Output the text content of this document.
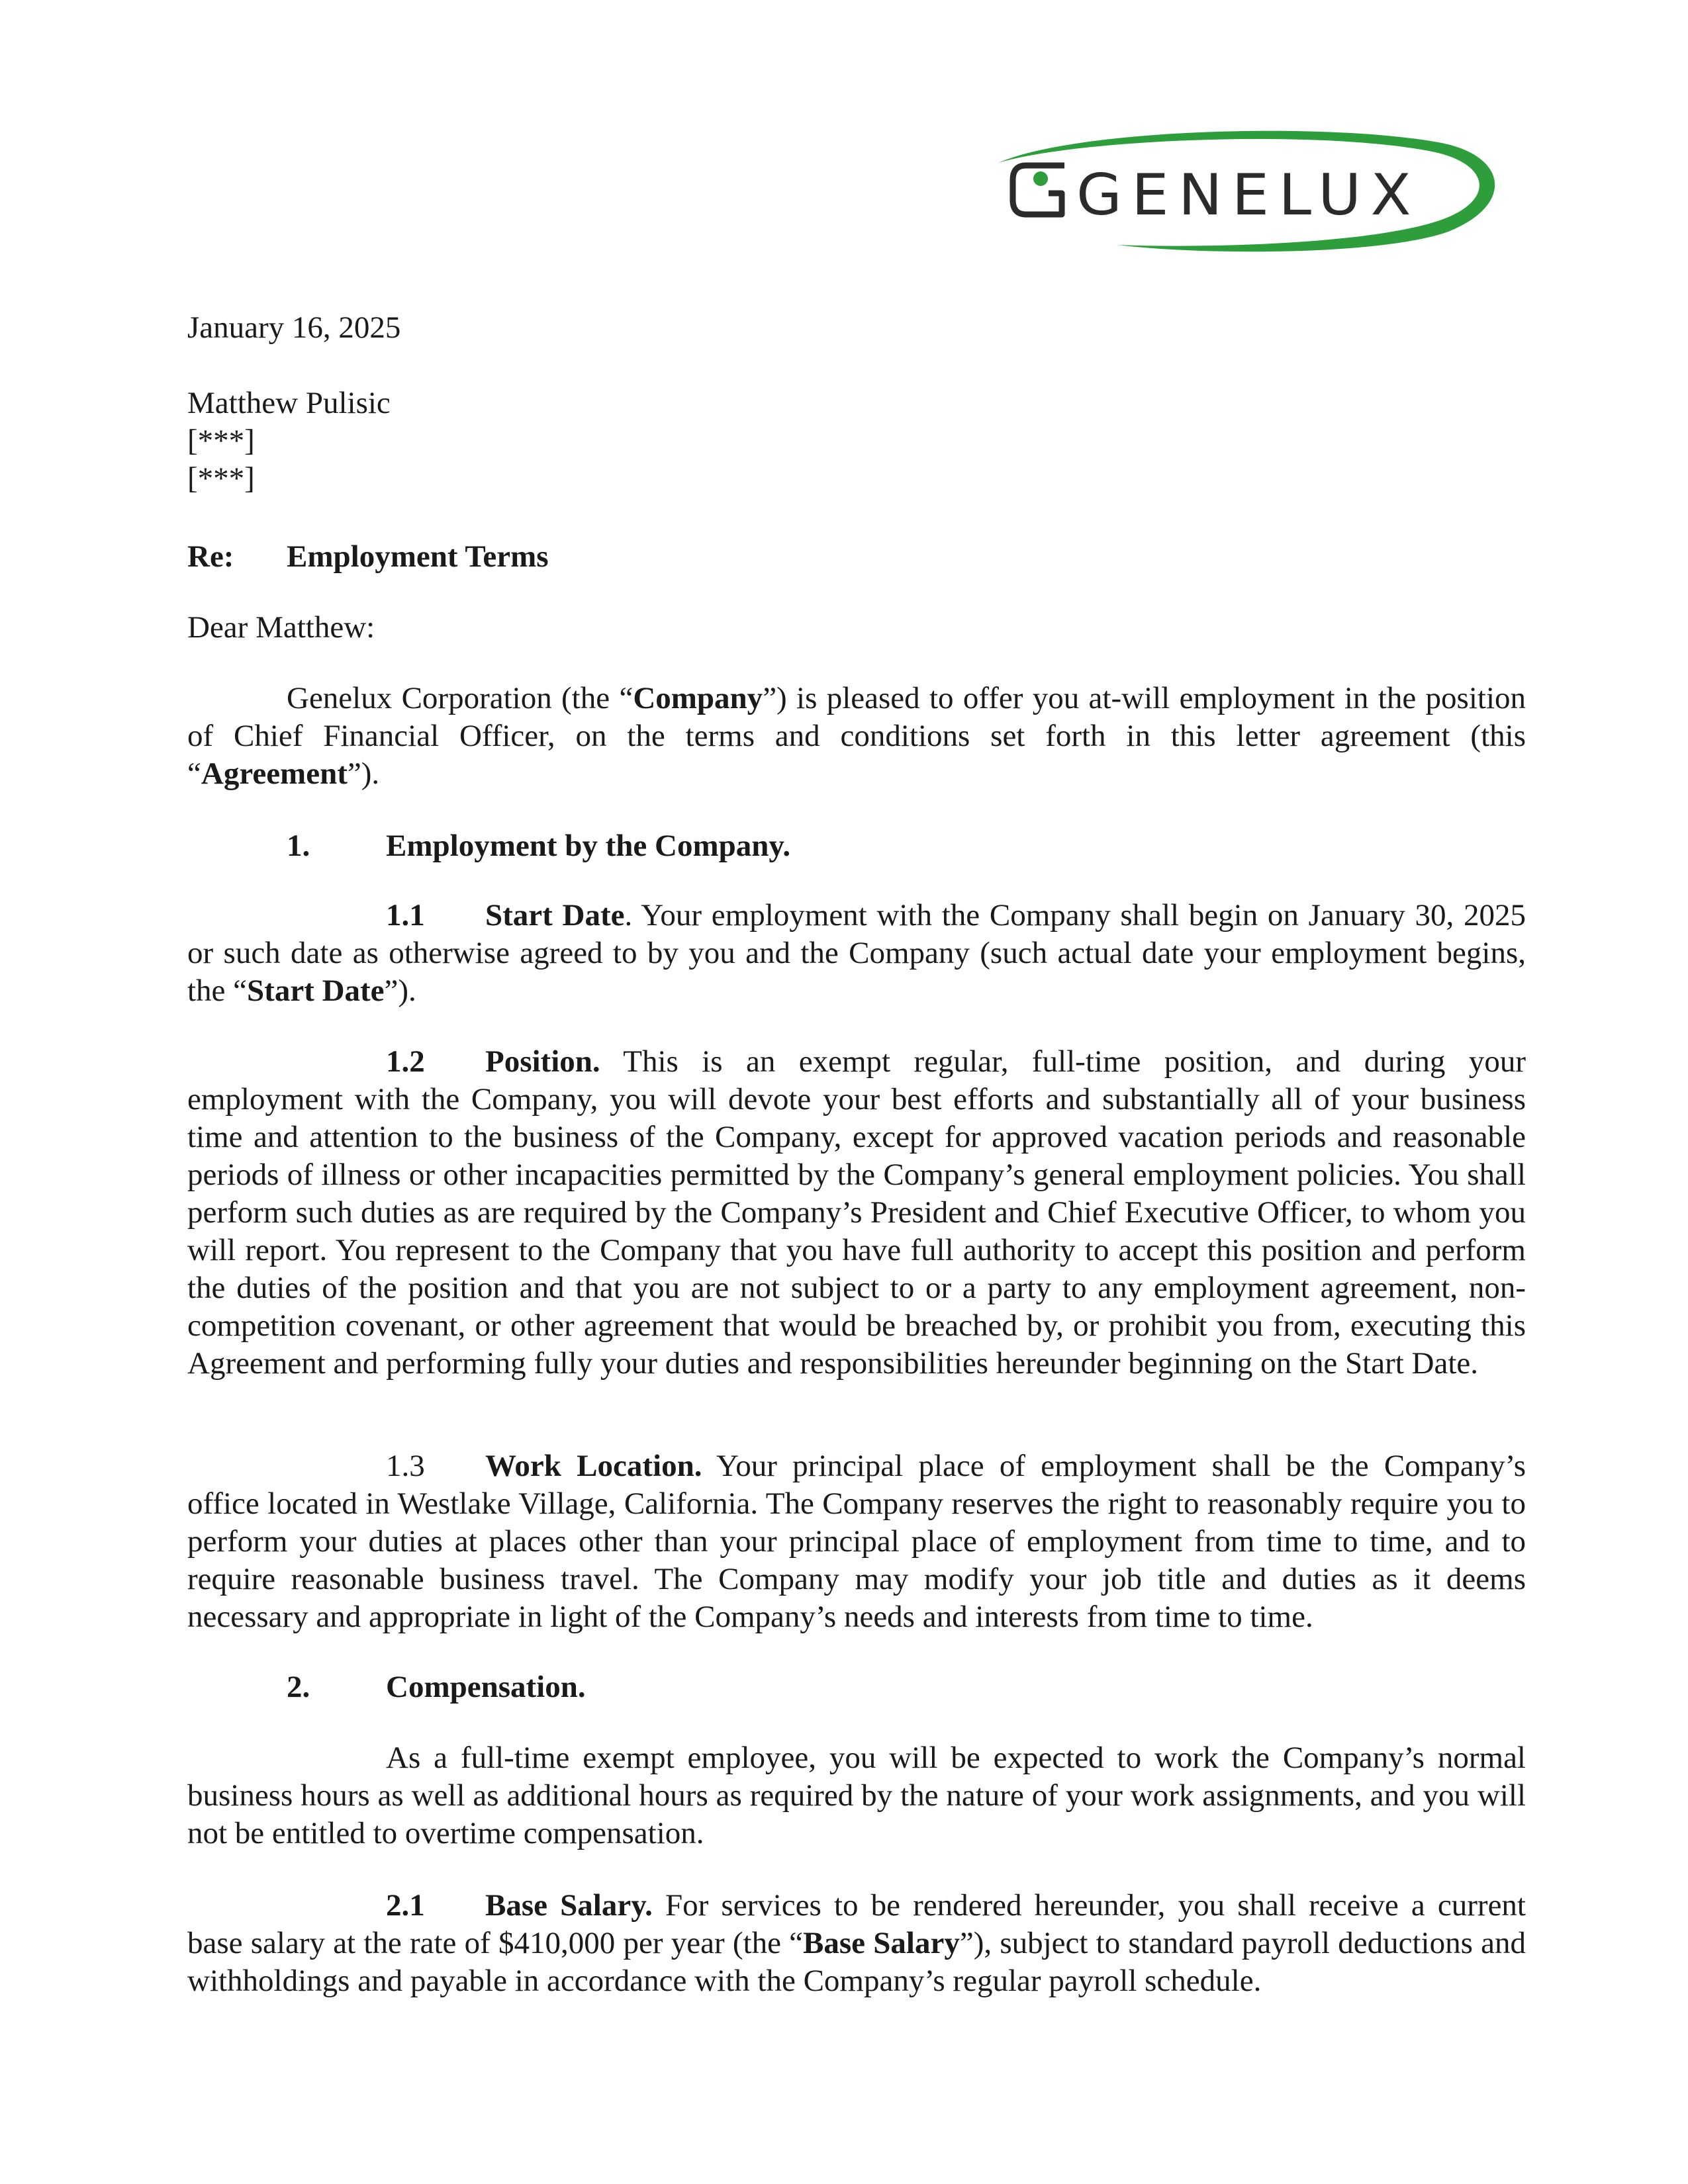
GENELUX
January 16, 2025
Matthew Pulisic
[***]
[***]
Re: Employment Terms
Dear Matthew:
Genelux Corporation (the “Company”) is pleased to offer you at-will employment in the position of Chief Financial Officer, on the terms and conditions set forth in this letter agreement (this “Agreement”).
1. Employment by the Company.
1.1 Start Date. Your employment with the Company shall begin on January 30, 2025 or such date as otherwise agreed to by you and the Company (such actual date your employment begins, the “Start Date”).
1.2 Position. This is an exempt regular, full-time position, and during your employment with the Company, you will devote your best efforts and substantially all of your business time and attention to the business of the Company, except for approved vacation periods and reasonable periods of illness or other incapacities permitted by the Company’s general employment policies. You shall perform such duties as are required by the Company’s President and Chief Executive Officer, to whom you will report. You represent to the Company that you have full authority to accept this position and perform the duties of the position and that you are not subject to or a party to any employment agreement, non-competition covenant, or other agreement that would be breached by, or prohibit you from, executing this Agreement and performing fully your duties and responsibilities hereunder beginning on the Start Date.
1.3 Work Location. Your principal place of employment shall be the Company’s office located in Westlake Village, California. The Company reserves the right to reasonably require you to perform your duties at places other than your principal place of employment from time to time, and to require reasonable business travel. The Company may modify your job title and duties as it deems necessary and appropriate in light of the Company’s needs and interests from time to time.
2. Compensation.
As a full-time exempt employee, you will be expected to work the Company’s normal business hours as well as additional hours as required by the nature of your work assignments, and you will not be entitled to overtime compensation.
2.1 Base Salary. For services to be rendered hereunder, you shall receive a current base salary at the rate of $410,000 per year (the “Base Salary”), subject to standard payroll deductions and withholdings and payable in accordance with the Company’s regular payroll schedule.
